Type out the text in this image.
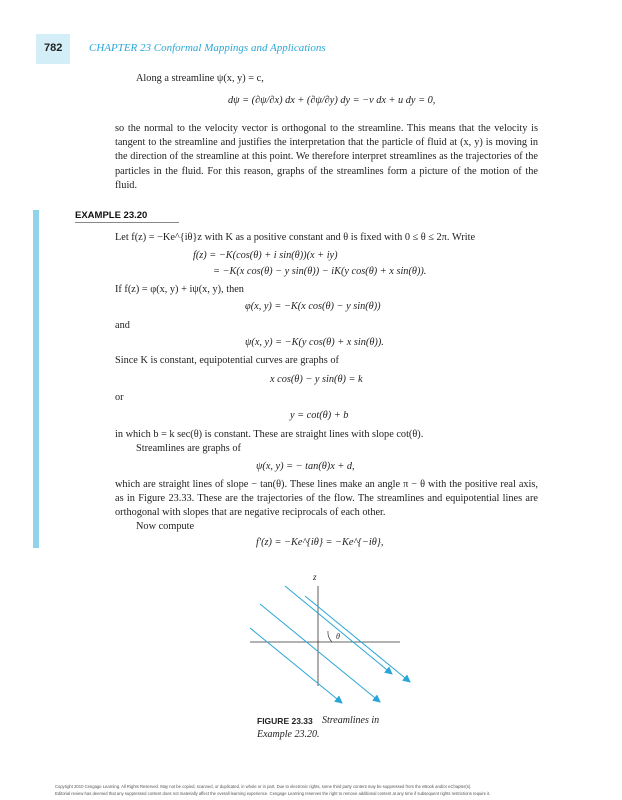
782 CHAPTER 23 Conformal Mappings and Applications
Along a streamline ψ(x, y) = c,
dψ = (∂ψ/∂x) dx + (∂ψ/∂y) dy = −v dx + u dy = 0,
so the normal to the velocity vector is orthogonal to the streamline. This means that the velocity is tangent to the streamline and justifies the interpretation that the particle of fluid at (x, y) is moving in the direction of the streamline at this point. We therefore interpret streamlines as the trajectories of the particles in the fluid. For this reason, graphs of the streamlines form a picture of the motion of the fluid.
EXAMPLE 23.20
Let f(z) = −Ke^{iθ}z with K as a positive constant and θ is fixed with 0 ≤ θ ≤ 2π. Write
f(z) = −K(cos(θ) + i sin(θ))(x + iy)
= −K(x cos(θ) − y sin(θ)) − iK(y cos(θ) + x sin(θ)).
If f(z) = φ(x, y) + iψ(x, y), then
φ(x, y) = −K(x cos(θ) − y sin(θ))
and
ψ(x, y) = −K(y cos(θ) + x sin(θ)).
Since K is constant, equipotential curves are graphs of
x cos(θ) − y sin(θ) = k
or
y = cot(θ) + b
in which b = k sec(θ) is constant. These are straight lines with slope cot(θ).
Streamlines are graphs of
ψ(x, y) = − tan(θ)x + d,
which are straight lines of slope − tan(θ). These lines make an angle π − θ with the positive real axis, as in Figure 23.33. These are the trajectories of the flow. The streamlines and equipotential lines are orthogonal with slopes that are negative reciprocals of each other.
Now compute
f′(z) = −Ke^{iθ} = −Ke^{−iθ},
z
θ
FIGURE 23.33 Streamlines in
Example 23.20.
Copyright 2010 Cengage Learning. All Rights Reserved. May not be copied, scanned, or duplicated, in whole or in part. Due to electronic rights, some third party content may be suppressed from the eBook and/or eChapter(s).
Editorial review has deemed that any suppressed content does not materially affect the overall learning experience. Cengage Learning reserves the right to remove additional content at any time if subsequent rights restrictions require it.
